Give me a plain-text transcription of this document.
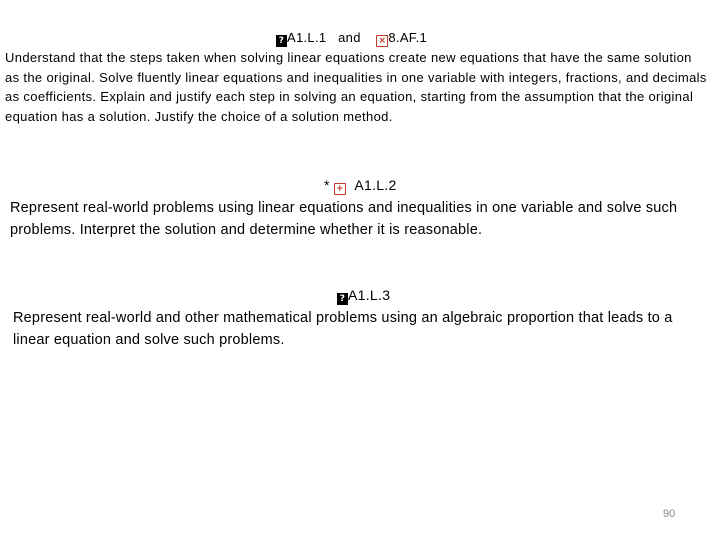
? A1.L.1 and × 8.AF.1
Understand that the steps taken when solving linear equations create new equations that have the same solution as the original. Solve fluently linear equations and inequalities in one variable with integers, fractions, and decimals as coefficients. Explain and justify each step in solving an equation, starting from the assumption that the original equation has a solution. Justify the choice of a solution method.
* + A1.L.2
Represent real-world problems using linear equations and inequalities in one variable and solve such problems. Interpret the solution and determine whether it is reasonable.
? A1.L.3
Represent real-world and other mathematical problems using an algebraic proportion that leads to a linear equation and solve such problems.
90
